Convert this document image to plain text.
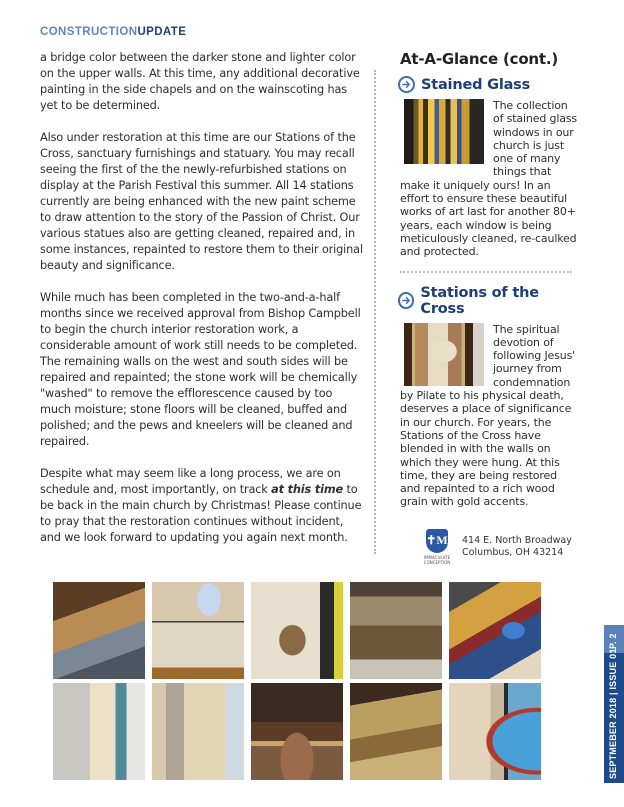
CONSTRUCTIONUPDATE

a bridge color between the darker stone and lighter color on the upper walls. At this time, any additional decorative painting in the side chapels and on the wainscoting has yet to be determined.

Also under restoration at this time are our Stations of the Cross, sanctuary furnishings and statuary. You may recall seeing the first of the the newly-refurbished stations on display at the Parish Festival this summer. All 14 stations currently are being enhanced with the new paint scheme to draw attention to the story of the Passion of Christ. Our various statues also are getting cleaned, repaired and, in some instances, repainted to restore them to their original beauty and significance.

While much has been completed in the two-and-a-half months since we received approval from Bishop Campbell to begin the church interior restoration work, a considerable amount of work still needs to be completed. The remaining walls on the west and south sides will be repaired and repainted; the stone work will be chemically "washed" to remove the efflorescence caused by too much moisture; stone floors will be cleaned, buffed and polished; and the pews and kneelers will be cleaned and repaired.

Despite what may seem like a long process, we are on schedule and, most importantly, on track at this time to be back in the main church by Christmas! Please continue to pray that the restoration continues without incident, and we look forward to updating you again next month.

At-A-Glance (cont.)
Stained Glass
The collection of stained glass windows in our church is just one of many things that make it uniquely ours! In an effort to ensure these beautiful works of art last for another 80+ years, each window is being meticulously cleaned, re-caulked and protected.
Stations of the Cross
The spiritual devotion of following Jesus' journey from condemnation by Pilate to his physical death, deserves a place of significance in our church. For years, the Stations of the Cross have blended in with the walls on which they were hung. At this time, they are being restored and repainted to a rich wood grain with gold accents.
✝M
IMMACULATE
CONCEPTION
414 E. North Broadway
Columbus, OH 43214
P. 2
SEPTMEBER 2018 | ISSUE 01
